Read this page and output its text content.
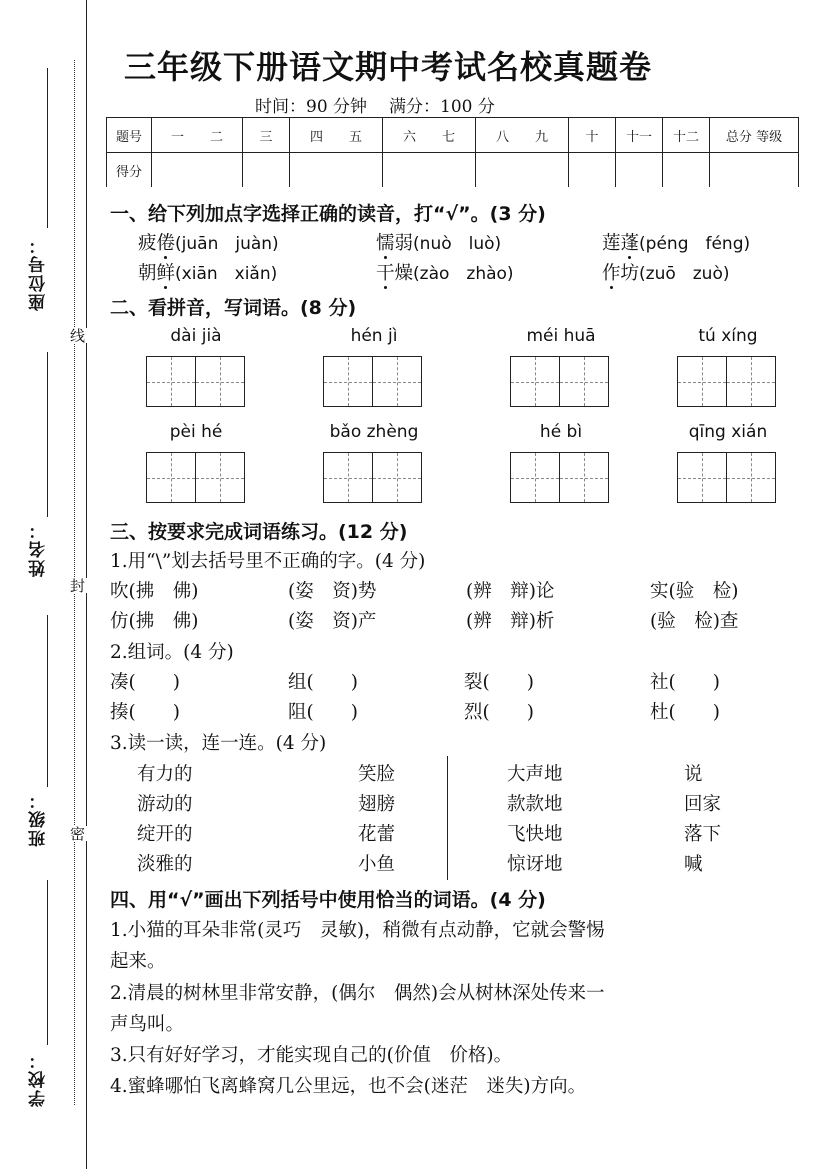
座位号：
姓名：
班级：
学校：
线
封
密
三年级下册语文期中考试名校真题卷
时间：90 分钟 满分：100 分
题号	一　　 二	三	四　　 五	六　　 七	八　　 九	十	十一	十二	总分 等级
得分									
一、给下列加点字选择正确的读音，打“√”。(3 分)
疲倦(juān　juàn)	懦弱(nuò　luò)	莲蓬(péng　féng)
朝鲜(xiān　xiǎn)	干燥(zào　zhào)	作坊(zuō　zuò)
二、看拼音，写词语。(8 分)
dài jià	hén jì	méi huā	tú xíng
pèi hé	bǎo zhèng	hé bì	qīng xián
三、按要求完成词语练习。(12 分)
1.用“\”划去括号里不正确的字。(4 分)
吹(拂　佛)	(姿　资)势	(辨　辩)论	实(验　检)
仿(拂　佛)	(姿　资)产	(辨　辩)析	(验　检)查
2.组词。(4 分)
凑(　　)	组(　　)	裂(　　)	社(　　)
揍(　　)	阻(　　)	烈(　　)	杜(　　)
3.读一读，连一连。(4 分)
有力的
游动的
绽开的
淡雅的
笑脸
翅膀
花蕾
小鱼
大声地
款款地
飞快地
惊讶地
说
回家
落下
喊
四、用“√”画出下列括号中使用恰当的词语。(4 分)
1.小猫的耳朵非常(灵巧　灵敏)，稍微有点动静，它就会警惕
起来。
2.清晨的树林里非常安静，(偶尔　偶然)会从树林深处传来一
声鸟叫。
3.只有好好学习，才能实现自己的(价值　价格)。
4.蜜蜂哪怕飞离蜂窝几公里远，也不会(迷茫　迷失)方向。
